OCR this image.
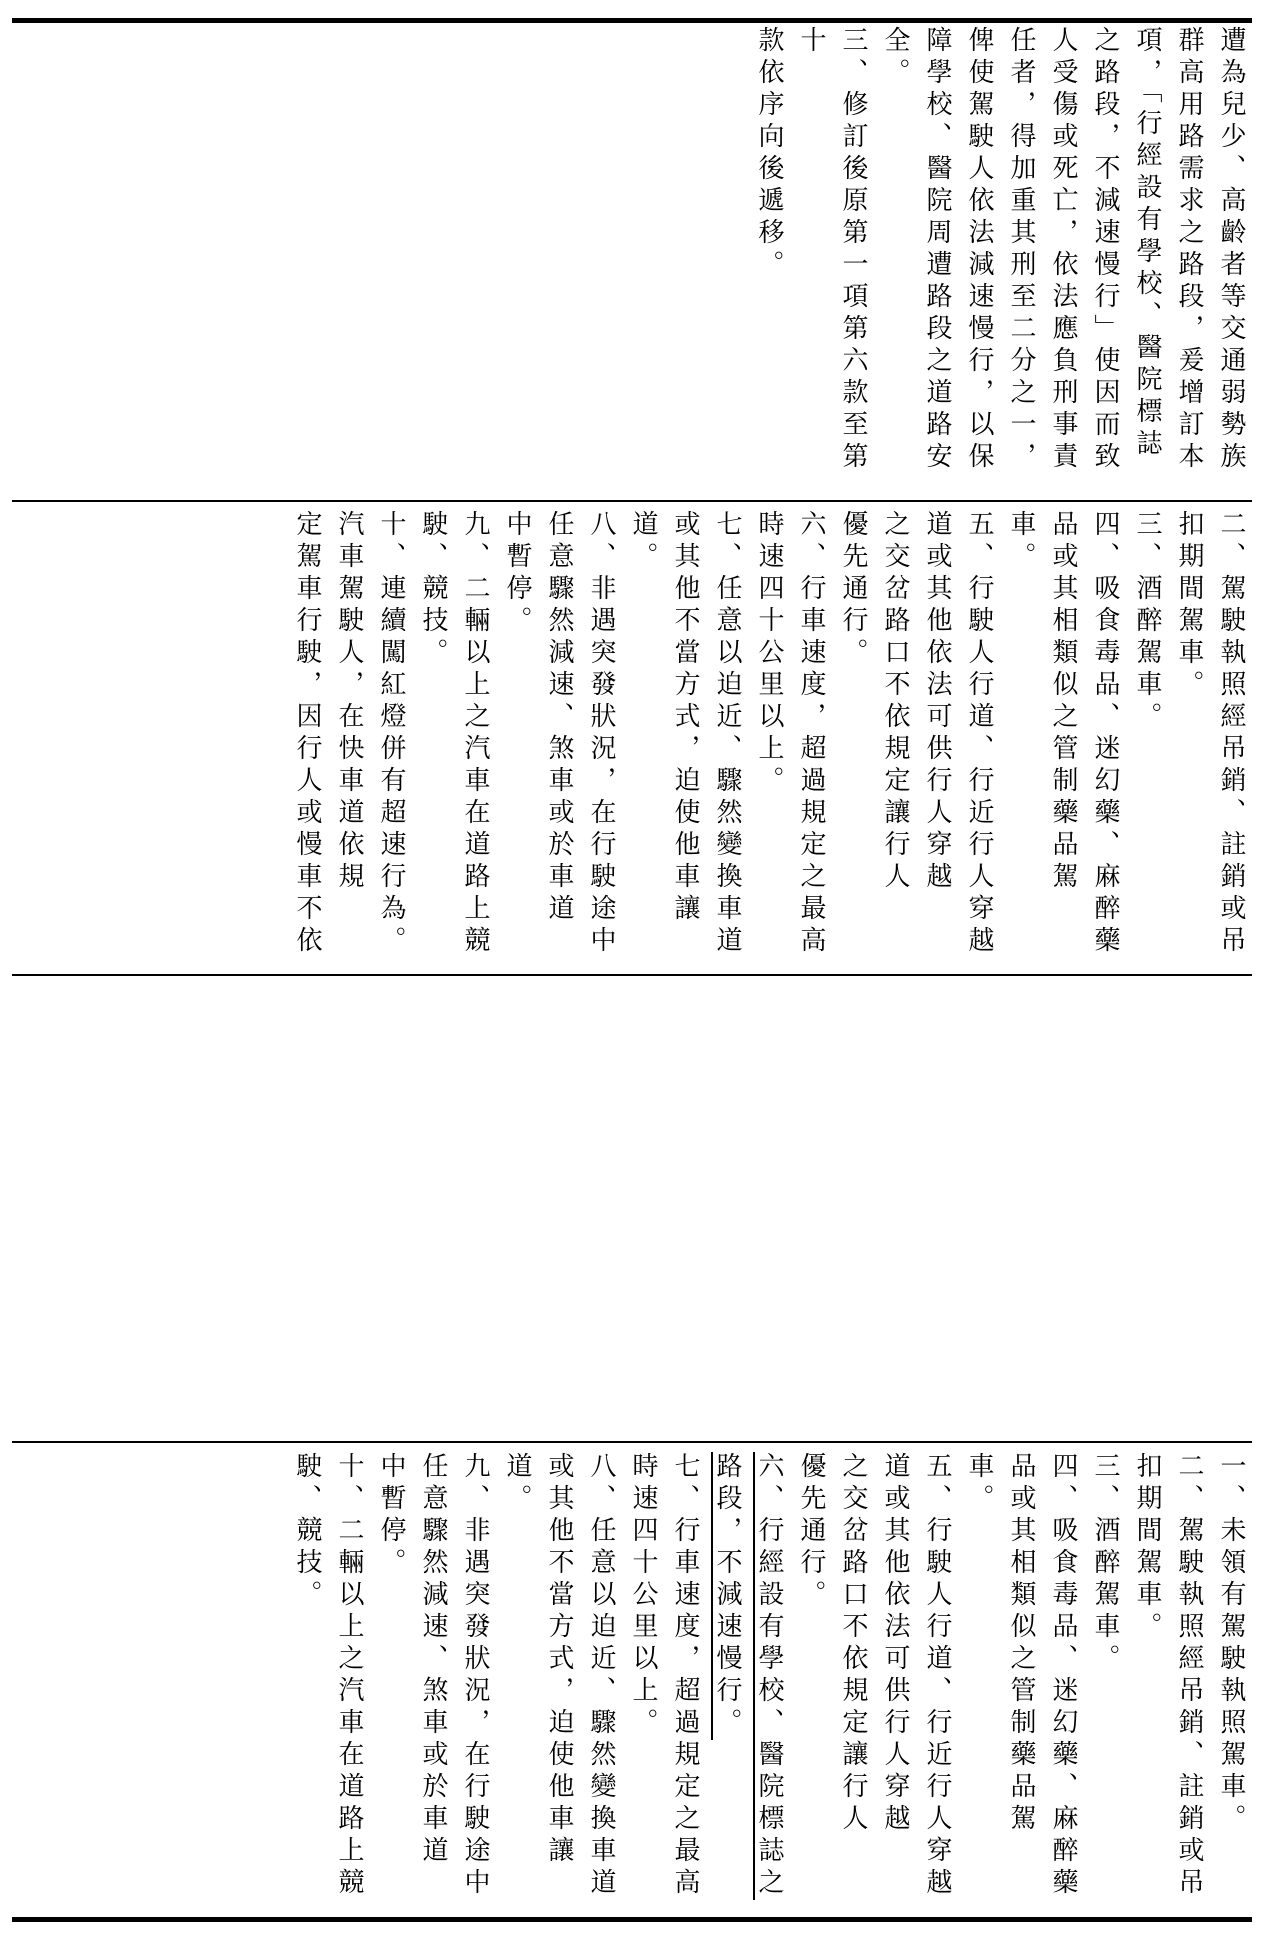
遭為兒少、高齡者等交通弱勢族
群高用路需求之路段，爰增訂本
項，「行經設有學校、醫院標誌
之路段，不減速慢行」使因而致
人受傷或死亡，依法應負刑事責
任者，得加重其刑至二分之一，
俾使駕駛人依法減速慢行，以保
障學校、醫院周遭路段之道路安
全。
三、修訂後原第一項第六款至第十
款依序向後遞移。
二、駕駛執照經吊銷、註銷或吊
扣期間駕車。
三、酒醉駕車。
四、吸食毒品、迷幻藥、麻醉藥
品或其相類似之管制藥品駕
車。
五、行駛人行道、行近行人穿越
道或其他依法可供行人穿越
之交岔路口不依規定讓行人
優先通行。
六、行車速度，超過規定之最高
時速四十公里以上。
七、任意以迫近、驟然變換車道
或其他不當方式，迫使他車讓
道。
八、非遇突發狀況，在行駛途中
任意驟然減速、煞車或於車道
中暫停。
九、二輛以上之汽車在道路上競
駛、競技。
十、連續闖紅燈併有超速行為。
汽車駕駛人，在快車道依規
定駕車行駛，因行人或慢車不依
一、未領有駕駛執照駕車。
二、駕駛執照經吊銷、註銷或吊
扣期間駕車。
三、酒醉駕車。
四、吸食毒品、迷幻藥、麻醉藥
品或其相類似之管制藥品駕
車。
五、行駛人行道、行近行人穿越
道或其他依法可供行人穿越
之交岔路口不依規定讓行人
優先通行。
六、行經設有學校、醫院標誌之
路段，不減速慢行。
七、行車速度，超過規定之最高
時速四十公里以上。
八、任意以迫近、驟然變換車道
或其他不當方式，迫使他車讓
道。
九、非遇突發狀況，在行駛途中
任意驟然減速、煞車或於車道
中暫停。
十、二輛以上之汽車在道路上競
駛、競技。
